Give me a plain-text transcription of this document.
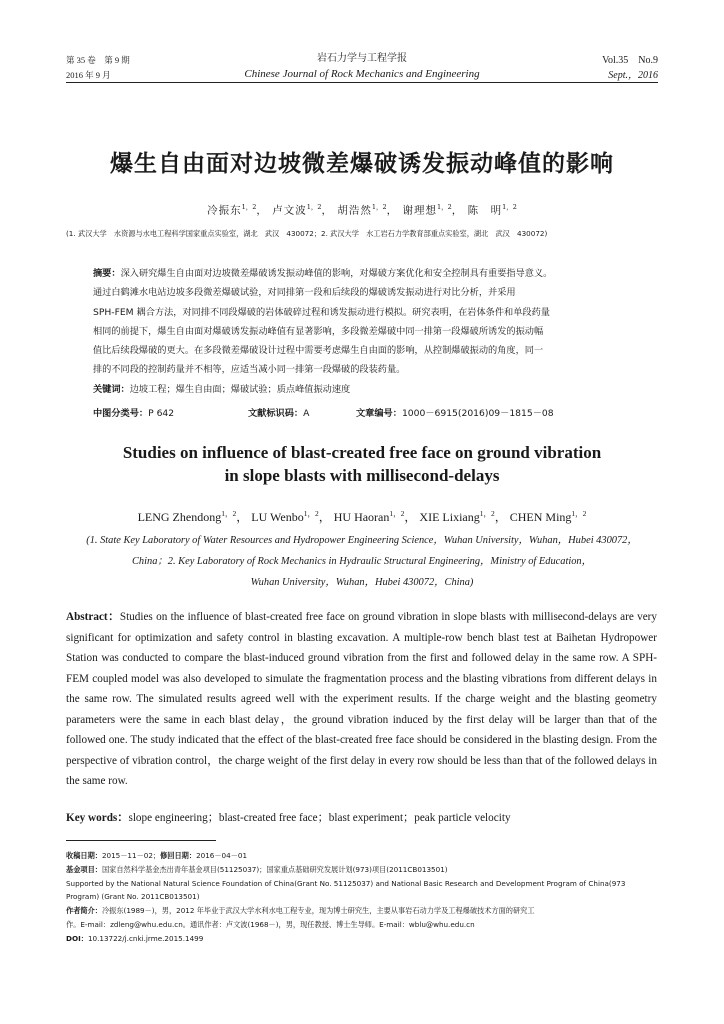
第 35 卷　第 9 期
2016 年 9 月
岩石力学与工程学报
Chinese Journal of Rock Mechanics and Engineering
Vol.35　No.9
Sept.，2016
爆生自由面对边坡微差爆破诱发振动峰值的影响
冷振东$^{1,2}$， 卢文波$^{1,2}$， 胡浩然$^{1,2}$， 谢理想$^{1,2}$， 陈　明$^{1,2}$
(1. 武汉大学　水资源与水电工程科学国家重点实验室，湖北　武汉　430072；2. 武汉大学　水工岩石力学教育部重点实验室，湖北　武汉　430072)
摘要：深入研究爆生自由面对边坡微差爆破诱发振动峰值的影响，对爆破方案优化和安全控制具有重要指导意义。
通过白鹤滩水电站边坡多段微差爆破试验，对同排第一段和后续段的爆破诱发振动进行对比分析，并采用
SPH-FEM 耦合方法，对同排不同段爆破的岩体破碎过程和诱发振动进行模拟。研究表明，在岩体条件和单段药量
相同的前提下，爆生自由面对爆破诱发振动峰值有显著影响，多段微差爆破中同一排第一段爆破所诱发的振动幅
值比后续段爆破的更大。在多段微差爆破设计过程中需要考虑爆生自由面的影响，从控制爆破振动的角度，同一
排的不同段的控制药量并不相等，应适当减小同一排第一段爆破的段装药量。
关键词：边坡工程；爆生自由面；爆破试验；质点峰值振动速度
中图分类号：P 642	文献标识码：A	文章编号：1000－6915(2016)09－1815－08
Studies on influence of blast-created free face on ground vibration
in slope blasts with millisecond-delays
LENG Zhendong$^{1,2}$， LU Wenbo$^{1,2}$， HU Haoran$^{1,2}$， XIE Lixiang$^{1,2}$， CHEN Ming$^{1,2}$
(1. State Key Laboratory of Water Resources and Hydropower Engineering Science，Wuhan University，Wuhan，Hubei 430072，
China；2. Key Laboratory of Rock Mechanics in Hydraulic Structural Engineering，Ministry of Education，
Wuhan University，Wuhan，Hubei 430072，China)
Abstract：Studies on the influence of blast-created free face on ground vibration in slope blasts with millisecond-delays are very significant for optimization and safety control in blasting excavation. A multiple-row bench blast test at Baihetan Hydropower Station was conducted to compare the blast-induced ground vibration from the first and followed delay in the same row. A SPH-FEM coupled model was also developed to simulate the fragmentation process and the blasting vibrations from different delays in the same row. The simulated results agreed well with the experiment results. If the charge weight and the blasting geometry parameters were the same in each blast delay，the ground vibration induced by the first delay will be larger than that of the followed one. The study indicated that the effect of the blast-created free face should be considered in the blasting design. From the perspective of vibration control，the charge weight of the first delay in every row should be less than that of the followed delays in the same row.
Key words：slope engineering；blast-created free face；blast experiment；peak particle velocity
收稿日期：2015－11－02；修回日期：2016－04－01
基金项目：国家自然科学基金杰出青年基金项目(51125037)；国家重点基础研究发展计划(973)项目(2011CB013501)
Supported by the National Natural Science Foundation of China(Grant No. 51125037) and National Basic Research and Development Program of China(973
Program) (Grant No. 2011CB013501)
作者简介：冷振东(1989－)，男，2012 年毕业于武汉大学水利水电工程专业，现为博士研究生，主要从事岩石动力学及工程爆破技术方面的研究工
作。E-mail：zdleng@whu.edu.cn。通讯作者：卢文波(1968－)，男，现任教授、博士生导师。E-mail：wblu@whu.edu.cn
DOI：10.13722/j.cnki.jrme.2015.1499
